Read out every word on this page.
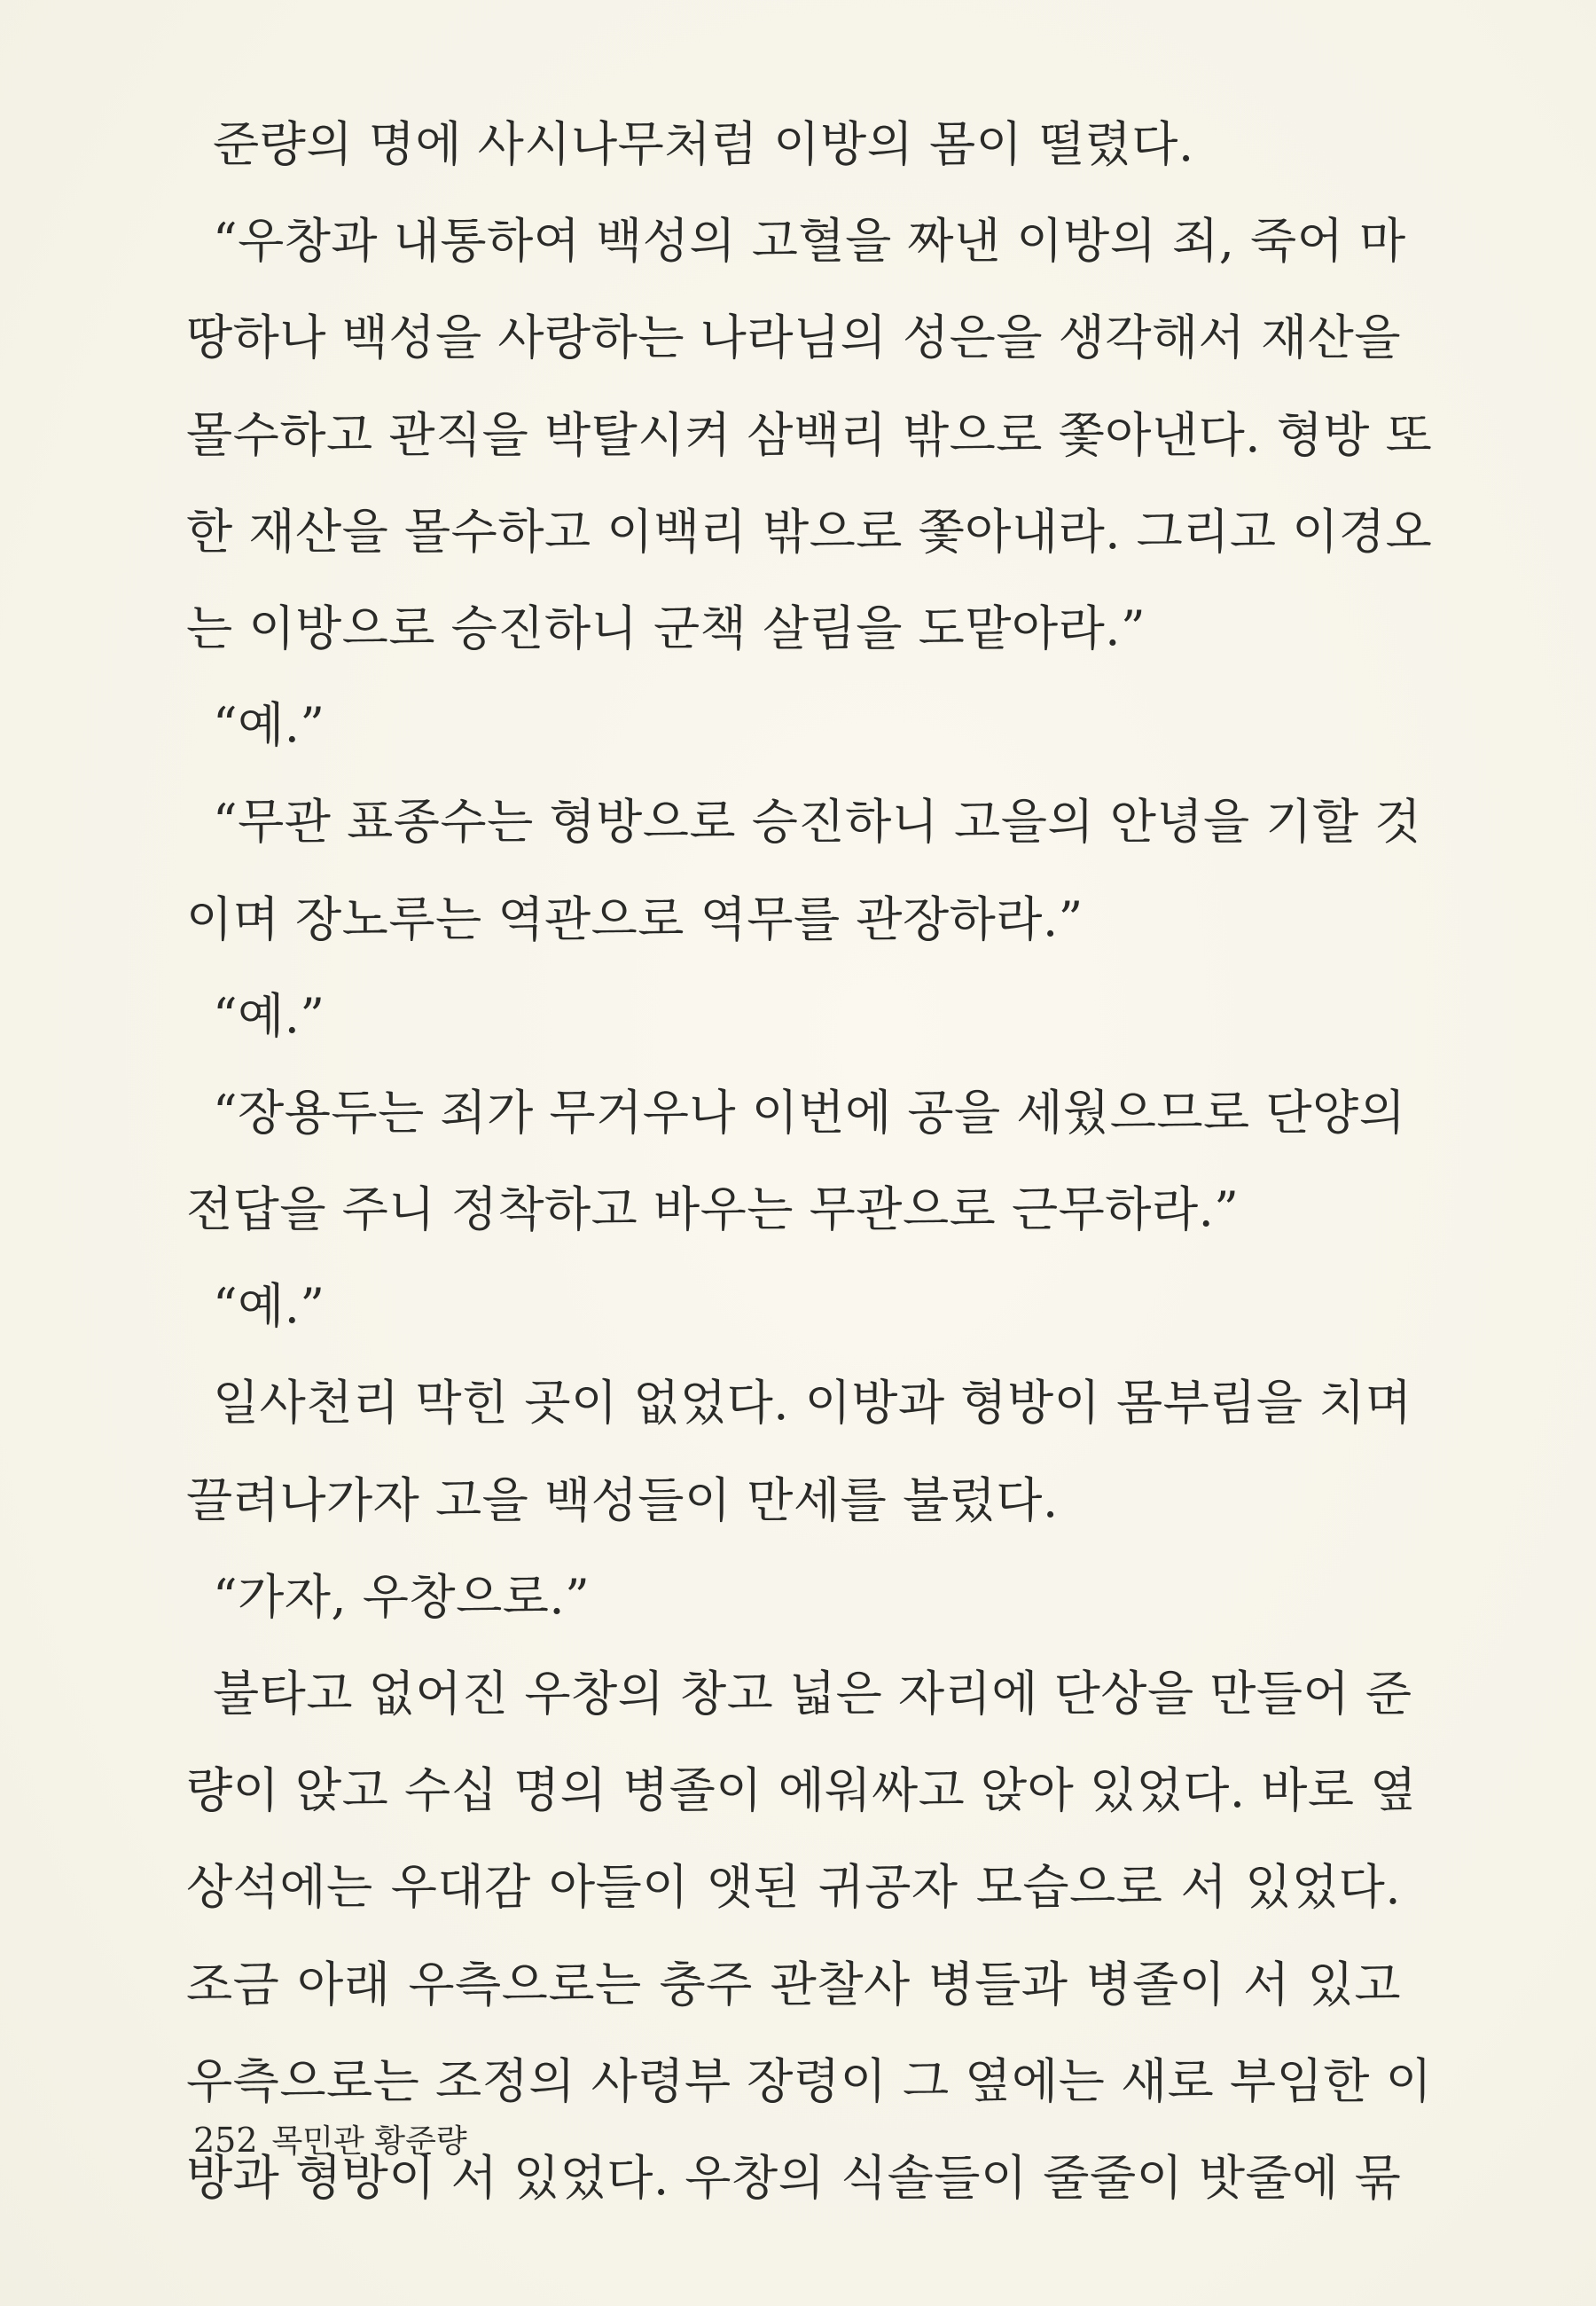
준량의 명에 사시나무처럼 이방의 몸이 떨렸다.
“우창과 내통하여 백성의 고혈을 짜낸 이방의 죄, 죽어 마
땅하나 백성을 사랑하는 나라님의 성은을 생각해서 재산을
몰수하고 관직을 박탈시켜 삼백리 밖으로 쫓아낸다. 형방 또
한 재산을 몰수하고 이백리 밖으로 쫓아내라. 그리고 이경오
는 이방으로 승진하니 군책 살림을 도맡아라.”
“예.”
“무관 표종수는 형방으로 승진하니 고을의 안녕을 기할 것
이며 장노루는 역관으로 역무를 관장하라.”
“예.”
“장용두는 죄가 무거우나 이번에 공을 세웠으므로 단양의
전답을 주니 정착하고 바우는 무관으로 근무하라.”
“예.”
일사천리 막힌 곳이 없었다. 이방과 형방이 몸부림을 치며
끌려나가자 고을 백성들이 만세를 불렀다.
“가자, 우창으로.”
불타고 없어진 우창의 창고 넓은 자리에 단상을 만들어 준
량이 앉고 수십 명의 병졸이 에워싸고 앉아 있었다. 바로 옆
상석에는 우대감 아들이 앳된 귀공자 모습으로 서 있었다.
조금 아래 우측으로는 충주 관찰사 병들과 병졸이 서 있고
우측으로는 조정의 사령부 장령이 그 옆에는 새로 부임한 이
방과 형방이 서 있었다. 우창의 식솔들이 줄줄이 밧줄에 묶
252 목민관 황준량
